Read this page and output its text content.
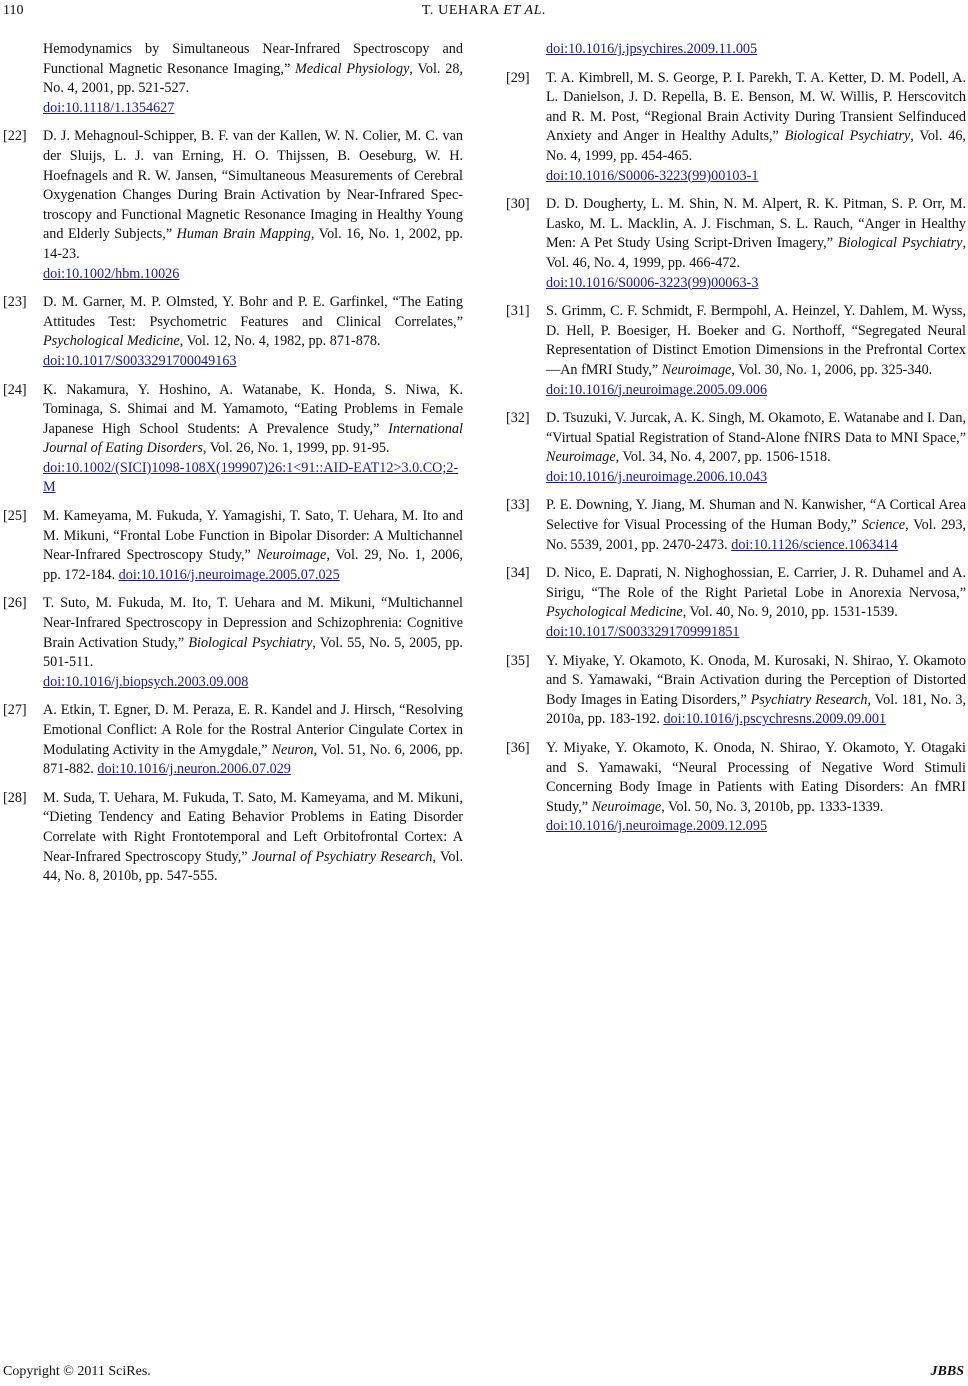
110	T. UEHARA ET AL.
Hemodynamics by Simultaneous Near-Infrared Spectroscopy and Functional Magnetic Resonance Imaging,” Medical Physiology, Vol. 28, No. 4, 2001, pp. 521-527.
doi:10.1118/1.1354627
[22] D. J. Mehagnoul-Schipper, B. F. van der Kallen, W. N. Colier, M. C. van der Sluijs, L. J. van Erning, H. O. Thijssen, B. Oeseburg, W. H. Hoefnagels and R. W. Jansen, “Simultaneous Measurements of Cerebral Oxygenation Changes During Brain Activation by Near-Infrared Spectroscopy and Functional Magnetic Resonance Imaging in Healthy Young and Elderly Subjects,” Human Brain Mapping, Vol. 16, No. 1, 2002, pp. 14-23.
doi:10.1002/hbm.10026
[23] D. M. Garner, M. P. Olmsted, Y. Bohr and P. E. Garfinkel, “The Eating Attitudes Test: Psychometric Features and Clinical Correlates,” Psychological Medicine, Vol. 12, No. 4, 1982, pp. 871-878.
doi:10.1017/S0033291700049163
[24] K. Nakamura, Y. Hoshino, A. Watanabe, K. Honda, S. Niwa, K. Tominaga, S. Shimai and M. Yamamoto, “Eating Problems in Female Japanese High School Students: A Prevalence Study,” International Journal of Eating Disorders, Vol. 26, No. 1, 1999, pp. 91-95.
doi:10.1002/(SICI)1098-108X(199907)26:1<91::AID-EAT12>3.0.CO;2-M
[25] M. Kameyama, M. Fukuda, Y. Yamagishi, T. Sato, T. Uehara, M. Ito and M. Mikuni, “Frontal Lobe Function in Bipolar Disorder: A Multichannel Near-Infrared Spectroscopy Study,” Neuroimage, Vol. 29, No. 1, 2006, pp. 172-184. doi:10.1016/j.neuroimage.2005.07.025
[26] T. Suto, M. Fukuda, M. Ito, T. Uehara and M. Mikuni, “Multichannel Near-Infrared Spectroscopy in Depression and Schizophrenia: Cognitive Brain Activation Study,” Biological Psychiatry, Vol. 55, No. 5, 2005, pp. 501-511.
doi:10.1016/j.biopsych.2003.09.008
[27] A. Etkin, T. Egner, D. M. Peraza, E. R. Kandel and J. Hirsch, “Resolving Emotional Conflict: A Role for the Rostral Anterior Cingulate Cortex in Modulating Activity in the Amygdale,” Neuron, Vol. 51, No. 6, 2006, pp. 871-882. doi:10.1016/j.neuron.2006.07.029
[28] M. Suda, T. Uehara, M. Fukuda, T. Sato, M. Kameyama, and M. Mikuni, “Dieting Tendency and Eating Behavior Problems in Eating Disorder Correlate with Right Frontotemporal and Left Orbitofrontal Cortex: A Near-Infrared Spectroscopy Study,” Journal of Psychiatry Research, Vol. 44, No. 8, 2010b, pp. 547-555.
doi:10.1016/j.jpsychires.2009.11.005
[29] T. A. Kimbrell, M. S. George, P. I. Parekh, T. A. Ketter, D. M. Podell, A. L. Danielson, J. D. Repella, B. E. Benson, M. W. Willis, P. Herscovitch and R. M. Post, “Regional Brain Activity During Transient Selfinduced Anxiety and Anger in Healthy Adults,” Biological Psychiatry, Vol. 46, No. 4, 1999, pp. 454-465.
doi:10.1016/S0006-3223(99)00103-1
[30] D. D. Dougherty, L. M. Shin, N. M. Alpert, R. K. Pitman, S. P. Orr, M. Lasko, M. L. Macklin, A. J. Fischman, S. L. Rauch, “Anger in Healthy Men: A Pet Study Using Script-Driven Imagery,” Biological Psychiatry, Vol. 46, No. 4, 1999, pp. 466-472.
doi:10.1016/S0006-3223(99)00063-3
[31] S. Grimm, C. F. Schmidt, F. Bermpohl, A. Heinzel, Y. Dahlem, M. Wyss, D. Hell, P. Boesiger, H. Boeker and G. Northoff, “Segregated Neural Representation of Distinct Emotion Dimensions in the Prefrontal Cortex—An fMRI Study,” Neuroimage, Vol. 30, No. 1, 2006, pp. 325-340.
doi:10.1016/j.neuroimage.2005.09.006
[32] D. Tsuzuki, V. Jurcak, A. K. Singh, M. Okamoto, E. Watanabe and I. Dan, “Virtual Spatial Registration of Stand-Alone fNIRS Data to MNI Space,” Neuroimage, Vol. 34, No. 4, 2007, pp. 1506-1518.
doi:10.1016/j.neuroimage.2006.10.043
[33] P. E. Downing, Y. Jiang, M. Shuman and N. Kanwisher, “A Cortical Area Selective for Visual Processing of the Human Body,” Science, Vol. 293, No. 5539, 2001, pp. 2470-2473. doi:10.1126/science.1063414
[34] D. Nico, E. Daprati, N. Nighoghossian, E. Carrier, J. R. Duhamel and A. Sirigu, “The Role of the Right Parietal Lobe in Anorexia Nervosa,” Psychological Medicine, Vol. 40, No. 9, 2010, pp. 1531-1539.
doi:10.1017/S0033291709991851
[35] Y. Miyake, Y. Okamoto, K. Onoda, M. Kurosaki, N. Shirao, Y. Okamoto and S. Yamawaki, “Brain Activation during the Perception of Distorted Body Images in Eating Disorders,” Psychiatry Research, Vol. 181, No. 3, 2010a, pp. 183-192. doi:10.1016/j.pscychresns.2009.09.001
[36] Y. Miyake, Y. Okamoto, K. Onoda, N. Shirao, Y. Okamoto, Y. Otagaki and S. Yamawaki, “Neural Processing of Negative Word Stimuli Concerning Body Image in Patients with Eating Disorders: An fMRI Study,” Neuroimage, Vol. 50, No. 3, 2010b, pp. 1333-1339.
doi:10.1016/j.neuroimage.2009.12.095
Copyright © 2011 SciRes.	JBBS
